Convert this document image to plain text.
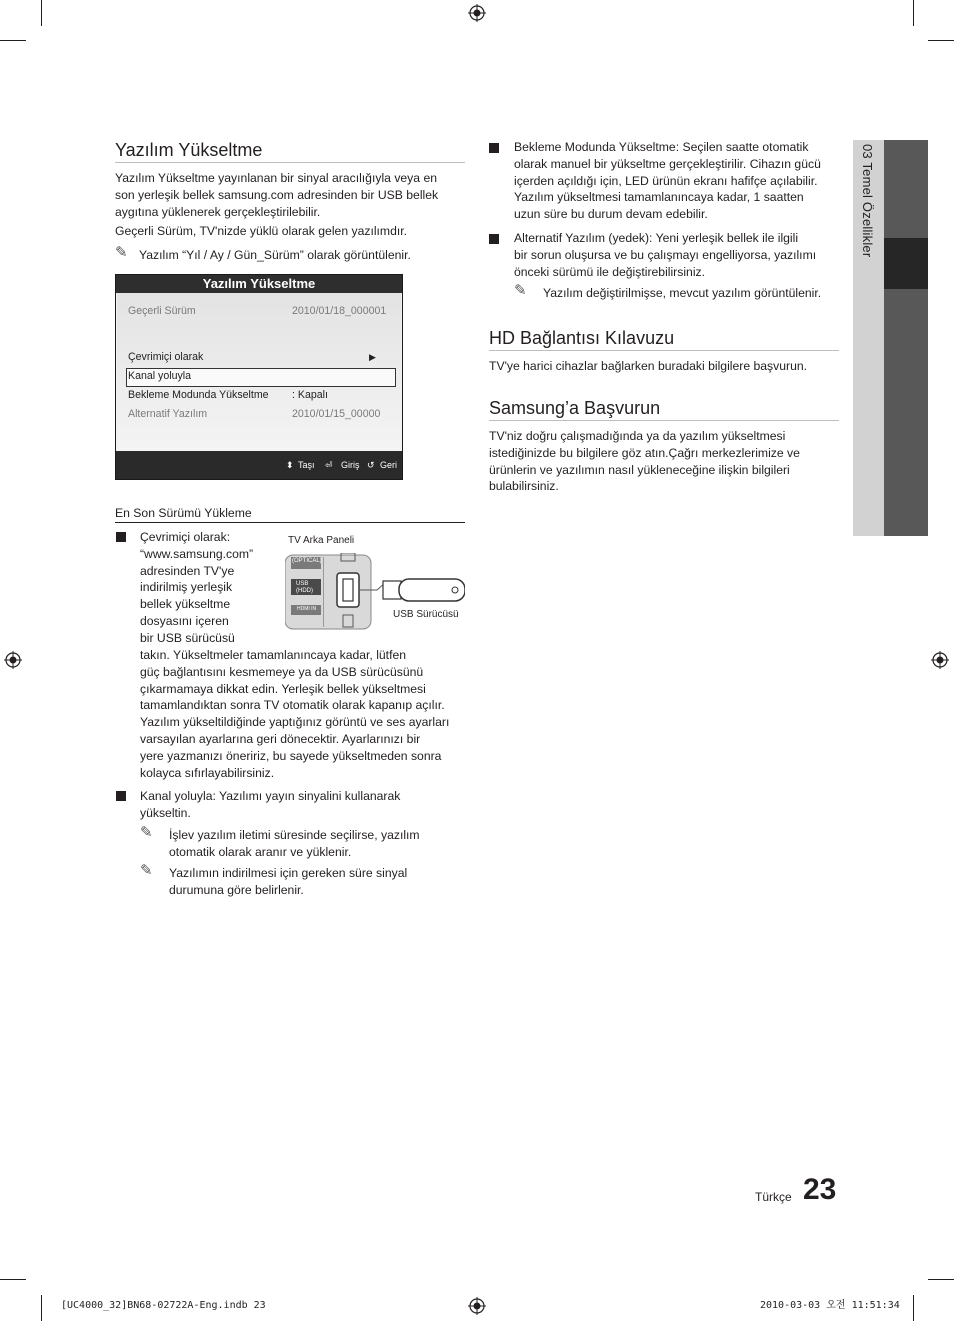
Yazılım Yükseltme
Yazılım Yükseltme yayınlanan bir sinyal aracılığıyla veya en
son yerleşik bellek samsung.com adresinden bir USB bellek
aygıtına yüklenerek gerçekleştirilebilir.
Geçerli Sürüm, TV'nizde yüklü olarak gelen yazılımdır.
✎ Yazılım “Yıl / Ay / Gün_Sürüm” olarak görüntülenir.
Yazılım Yükseltme
Geçerli Sürüm	2010/01/18_000001
Çevrimiçi olarak	▶
Kanal yoluyla
Bekleme Modunda Yükseltme : Kapalı
Alternatif Yazılım	2010/01/15_00000
⬍ Taşı ⏎ Giriş ↺ Geri
En Son Sürümü Yükleme
Çevrimiçi olarak:
“www.samsung.com”
adresinden TV'ye
indirilmiş yerleşik
bellek yükseltme
dosyasını içeren
bir USB sürücüsü
TV Arka Paneli
(OPTICAL)
USB
(HDD)
HDMI IN	USB Sürücüsü
takın. Yükseltmeler tamamlanıncaya kadar, lütfen
güç bağlantısını kesmemeye ya da USB sürücüsünü
çıkarmamaya dikkat edin. Yerleşik bellek yükseltmesi
tamamlandıktan sonra TV otomatik olarak kapanıp açılır.
Yazılım yükseltildiğinde yaptığınız görüntü ve ses ayarları
varsayılan ayarlarına geri dönecektir. Ayarlarınızı bir
yere yazmanızı öneririz, bu sayede yükseltmeden sonra
kolayca sıfırlayabilirsiniz.
Kanal yoluyla: Yazılımı yayın sinyalini kullanarak
yükseltin.
✎ İşlev yazılım iletimi süresinde seçilirse, yazılım
otomatik olarak aranır ve yüklenir.
✎ Yazılımın indirilmesi için gereken süre sinyal
durumuna göre belirlenir.
Bekleme Modunda Yükseltme: Seçilen saatte otomatik
olarak manuel bir yükseltme gerçekleştirilir. Cihazın gücü
içerden açıldığı için, LED ürünün ekranı hafifçe açılabilir.
Yazılım yükseltmesi tamamlanıncaya kadar, 1 saatten
uzun süre bu durum devam edebilir.
Alternatif Yazılım (yedek): Yeni yerleşik bellek ile ilgili
bir sorun oluşursa ve bu çalışmayı engelliyorsa, yazılımı
önceki sürümü ile değiştirebilirsiniz.
✎ Yazılım değiştirilmişse, mevcut yazılım görüntülenir.
HD Bağlantısı Kılavuzu
TV'ye harici cihazlar bağlarken buradaki bilgilere başvurun.
Samsung’a Başvurun
TV'niz doğru çalışmadığında ya da yazılım yükseltmesi
istediğinizde bu bilgilere göz atın.Çağrı merkezlerimize ve
ürünlerin ve yazılımın nasıl yükleneceğine ilişkin bilgileri
bulabilirsiniz.
03 Temel Özellikler
Türkçe 23
[UC4000_32]BN68-02722A-Eng.indb 23	2010-03-03 오전 11:51:34
